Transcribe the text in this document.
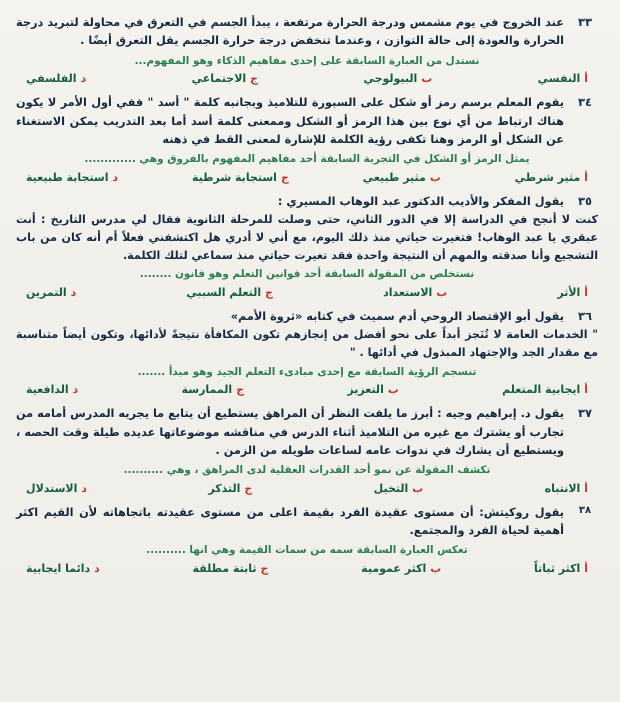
٣٣
عند الخروج في يوم مشمس ودرجة الحرارة مرتفعة ، يبدأ الجسم في التعرق في محاولة لتبريد درجة الحرارة والعودة إلى حالة التوازن ، وعندما تنخفض درجة حرارة الجسم يقل التعرق أيضًا .
نستدل من العبارة السابقة على إحدى مفاهيم الذكاء وهو المفهوم...
أ
النفسي
ب
البيولوجي
ج
الاجتماعي
د
الفلسفي
٣٤
يقوم المعلم برسم رمز أو شكل على السبورة للتلاميذ وبجانبه كلمة " أسد " ففي أول الأمر لا يكون هناك ارتباط من أي نوع بين هذا الرمز أو الشكل وممعنى كلمة أسد أما بعد التدريب يمكن الاستغناء عن الشكل أو الرمز وهنا تكفى رؤية الكلمة للإشارة لمعنى القط في ذهنه
يمثل الرمز أو الشكل في التجربة السابقة أحد مفاهيم المفهوم بالفروق وهي .............
أ
مثير شرطي
ب
مثير طبيعي
ج
استجابة شرطية
د
استجابة طبيعية
٣٥
يقول المفكر والأديب الدكتور عبد الوهاب المسيري :
كنت لا أنجح في الدراسة إلا في الدور الثاني، حتى وصلت للمرحلة الثانوية فقال لي مدرس التاريخ : أنت عبقري يا عبد الوهاب! فتغيرت حياتي منذ ذلك اليوم، مع أني لا أدري هل اكتشفني فعلاً أم أنه كان من باب التشجيع وأنا صدقته والمهم أن النتيجة واحدة فقد تغيرت حياتي منذ سماعي لتلك الكلمة.
نستخلص من المقولة السابقة أحد قوانين التعلم وهو قانون ........
أ
الأثر
ب
الاستعداد
ج
التعلم السببي
د
التمرين
٣٦
يقول أبو الإقتصاد الروحي أدم سميث في كتابه «ثروة الأمم»
" الخدمات العامة لا تُنَجز أبداً على نحو أفضل من إنجازهم تكون المكافأة نتيجةً لأدائها، وتكون أيضاً متناسبة مع مقدار الجد والإجتهاد المبذول في أدائها . "
تنسجم الرؤية السابقة مع إحدى مبادىء التعلم الجيد وهو مبدأ .......
أ
ايجابية المتعلم
ب
التعزيز
ج
الممارسة
د
الدافعية
٣٧
يقول د. إبراهيم وجيه : أبرز ما يلفت النظر أن المراهق يستطيع أن يتابع ما يجريه المدرس أمامه من تجارب أو يشترك مع غيره من التلاميذ أثناء الدرس في مناقشه موضوعاتها عديده طيلة وقت الحصه ، ويستطيع أن يشارك في ندوات عامه لساعات طويله من الزمن .
تكشف المقولة عن نمو أحد القدرات العقلية لدى المراهق ، وهي ..........
أ
الانتباه
ب
التخيل
ج
التذكر
د
الاستدلال
٣٨
يقول روكيتش: أن مستوى عقيدة الفرد بقيمة اعلى من مستوى عقيدته باتجاهاته لأن القيم اكثر أهمية لحياة الفرد والمجتمع.
تعكس العبارة السابقة سمه من سمات القيمة وهي انها ..........
أ
اكثر ثباتاً
ب
اكثر عمومية
ج
ثابتة مطلقة
د
دائما ايجابية
